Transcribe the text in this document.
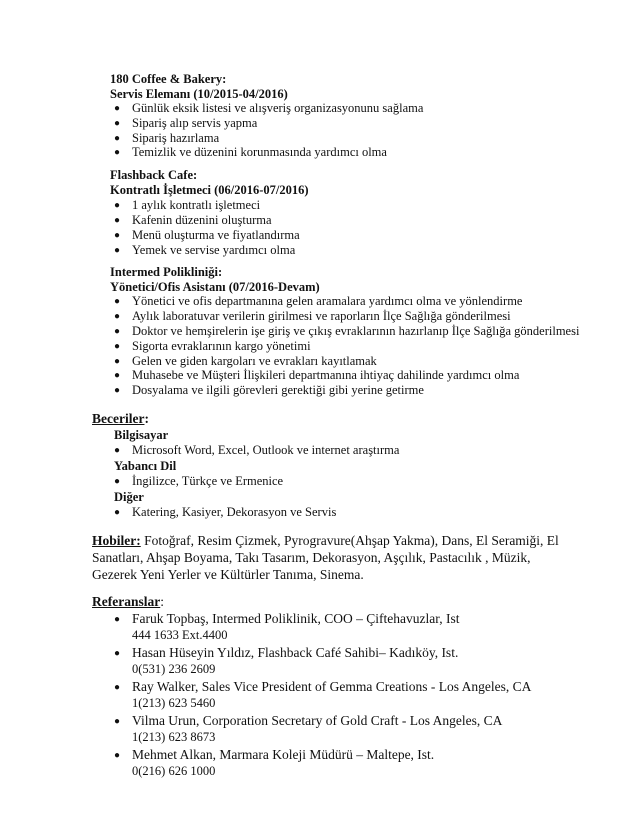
180 Coffee & Bakery:
Servis Elemanı (10/2015-04/2016)
● Günlük eksik listesi ve alışveriş organizasyonunu sağlama
● Sipariş alıp servis yapma
● Sipariş hazırlama
● Temizlik ve düzenini korunmasında yardımcı olma
Flashback Cafe:
Kontratlı İşletmeci (06/2016-07/2016)
● 1 aylık kontratlı işletmeci
● Kafenin düzenini oluşturma
● Menü oluşturma ve fiyatlandırma
● Yemek ve servise yardımcı olma
Intermed Polikliniği:
Yönetici/Ofis Asistanı (07/2016-Devam)
● Yönetici ve ofis departmanına gelen aramalara yardımcı olma ve yönlendirme
● Aylık laboratuvar verilerin girilmesi ve raporların İlçe Sağlığa gönderilmesi
● Doktor ve hemşirelerin işe giriş ve çıkış evraklarının hazırlanıp İlçe Sağlığa gönderilmesi
● Sigorta evraklarının kargo yönetimi
● Gelen ve giden kargoları ve evrakları kayıtlamak
● Muhasebe ve Müşteri İlişkileri departmanına ihtiyaç dahilinde yardımcı olma
● Dosyalama ve ilgili görevleri gerektiği gibi yerine getirme
Beceriler:
Bilgisayar
● Microsoft Word, Excel, Outlook ve internet araştırma
Yabancı Dil
● İngilizce, Türkçe ve Ermenice
Diğer
● Katering, Kasiyer, Dekorasyon ve Servis
Hobiler: Fotoğraf, Resim Çizmek, Pyrogravure(Ahşap Yakma), Dans, El Seramiği, El
Sanatları, Ahşap Boyama, Takı Tasarım, Dekorasyon, Aşçılık, Pastacılık , Müzik,
Gezerek Yeni Yerler ve Kültürler Tanıma, Sinema.
Referanslar:
● Faruk Topbaş, Intermed Poliklinik, COO – Çiftehavuzlar, Ist
444 1633 Ext.4400
● Hasan Hüseyin Yıldız, Flashback Café Sahibi– Kadıköy, Ist.
0(531) 236 2609
● Ray Walker, Sales Vice President of Gemma Creations - Los Angeles, CA
1(213) 623 5460
● Vilma Urun, Corporation Secretary of Gold Craft - Los Angeles, CA
1(213) 623 8673
● Mehmet Alkan, Marmara Koleji Müdürü – Maltepe, Ist.
0(216) 626 1000
